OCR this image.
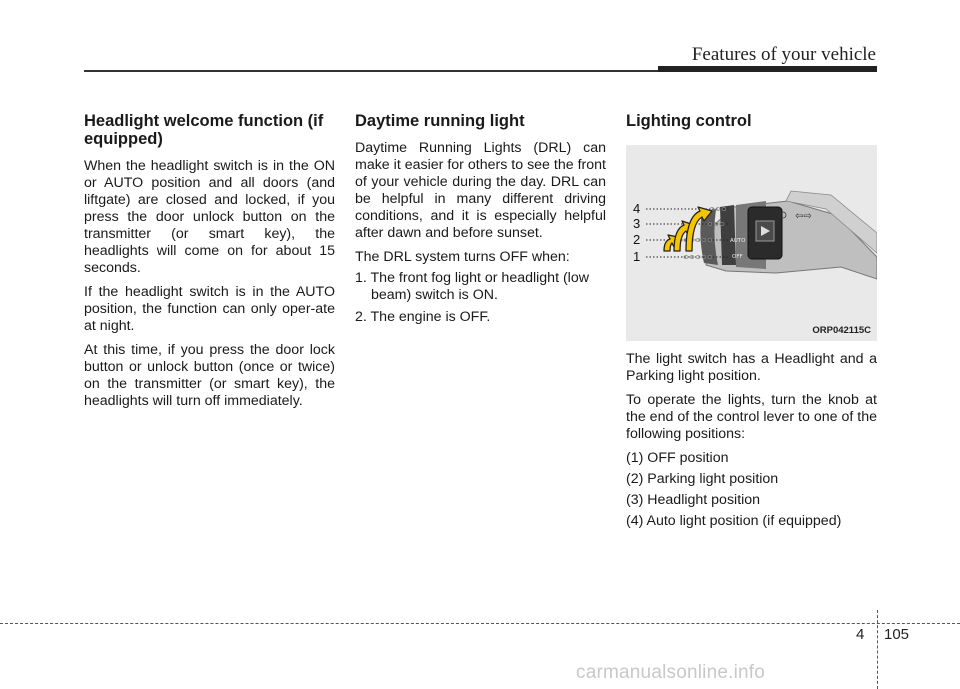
Features of your vehicle
Headlight welcome function (if equipped)

When the headlight switch is in the ON or AUTO position and all doors (and liftgate) are closed and locked, if you press the door unlock button on the transmitter (or smart key), the headlights will come on for about 15 seconds.

If the headlight switch is in the AUTO position, the function can only oper-ate at night.

At this time, if you press the door lock button or unlock button (once or twice) on the transmitter (or smart key), the headlights will turn off immediately.

Daytime running light

Daytime Running Lights (DRL) can make it easier for others to see the front of your vehicle during the day. DRL can be helpful in many different driving conditions, and it is especially helpful after dawn and before sunset.

The DRL system turns OFF when:
1. The front fog light or headlight (low beam) switch is ON.
2. The engine is OFF.
Lighting control
⇦⇨
AUTO
OFF
4
3
2
1
ORP042115C

The light switch has a Headlight and a Parking light position.

To operate the lights, turn the knob at the end of the control lever to one of the following positions:

(1) OFF position
(2) Parking light position
(3) Headlight position
(4) Auto light position (if equipped)
4 105
carmanualsonline.info
